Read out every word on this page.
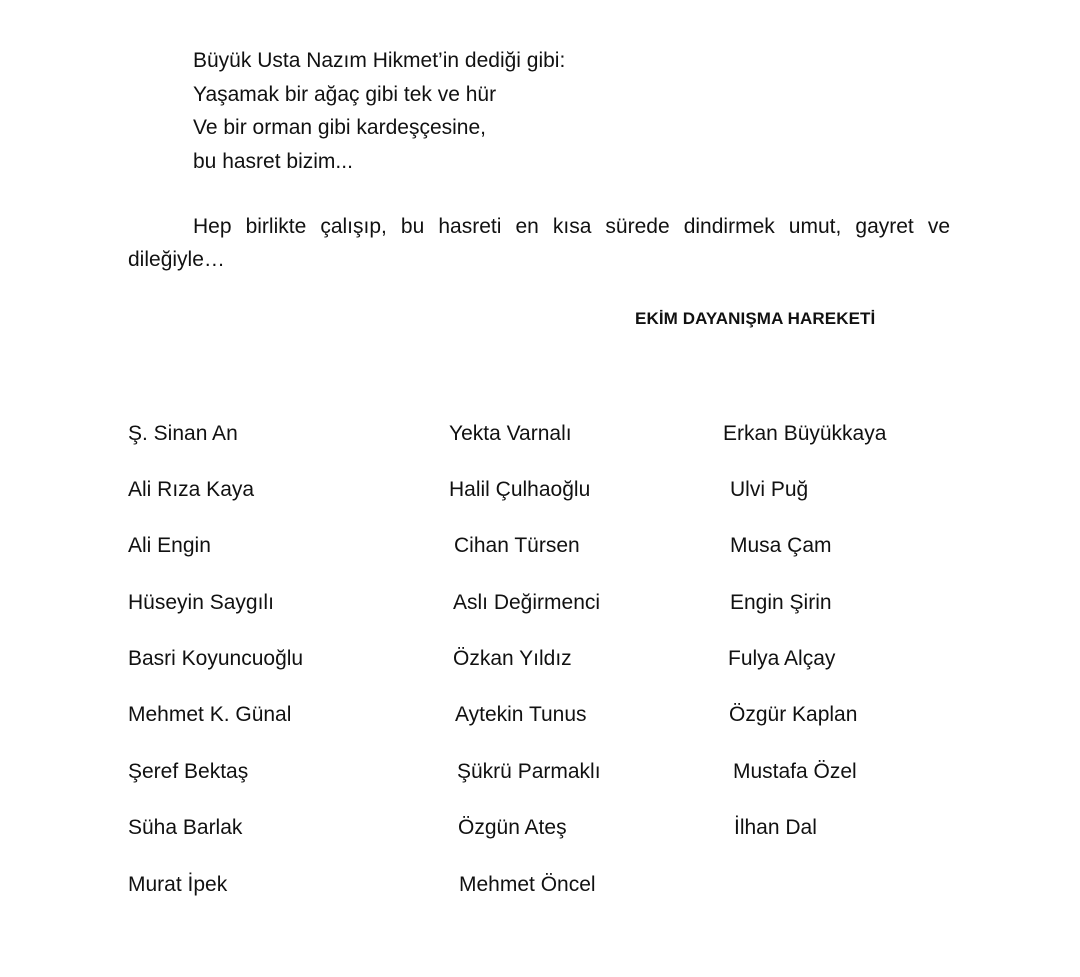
Büyük Usta Nazım Hikmet’in dediği gibi:
Yaşamak bir ağaç gibi tek ve hür
Ve bir orman gibi kardeşçesine,
bu hasret bizim...
Hep birlikte çalışıp, bu hasreti en kısa sürede dindirmek umut, gayret ve dileğiyle…
EKİM DAYANIŞMA HAREKETİ
Ş. Sinan An
Ali Rıza Kaya
Ali Engin
Hüseyin Saygılı
Basri Koyuncuoğlu
Mehmet K. Günal
Şeref Bektaş
Süha Barlak
Murat İpek
Yekta Varnalı
Halil Çulhaoğlu
Cihan Türsen
Aslı Değirmenci
Özkan Yıldız
Aytekin Tunus
Şükrü Parmaklı
Özgün Ateş
Mehmet Öncel
Erkan Büyükkaya
Ulvi Puğ
Musa Çam
Engin Şirin
Fulya Alçay
Özgür Kaplan
Mustafa Özel
İlhan Dal
